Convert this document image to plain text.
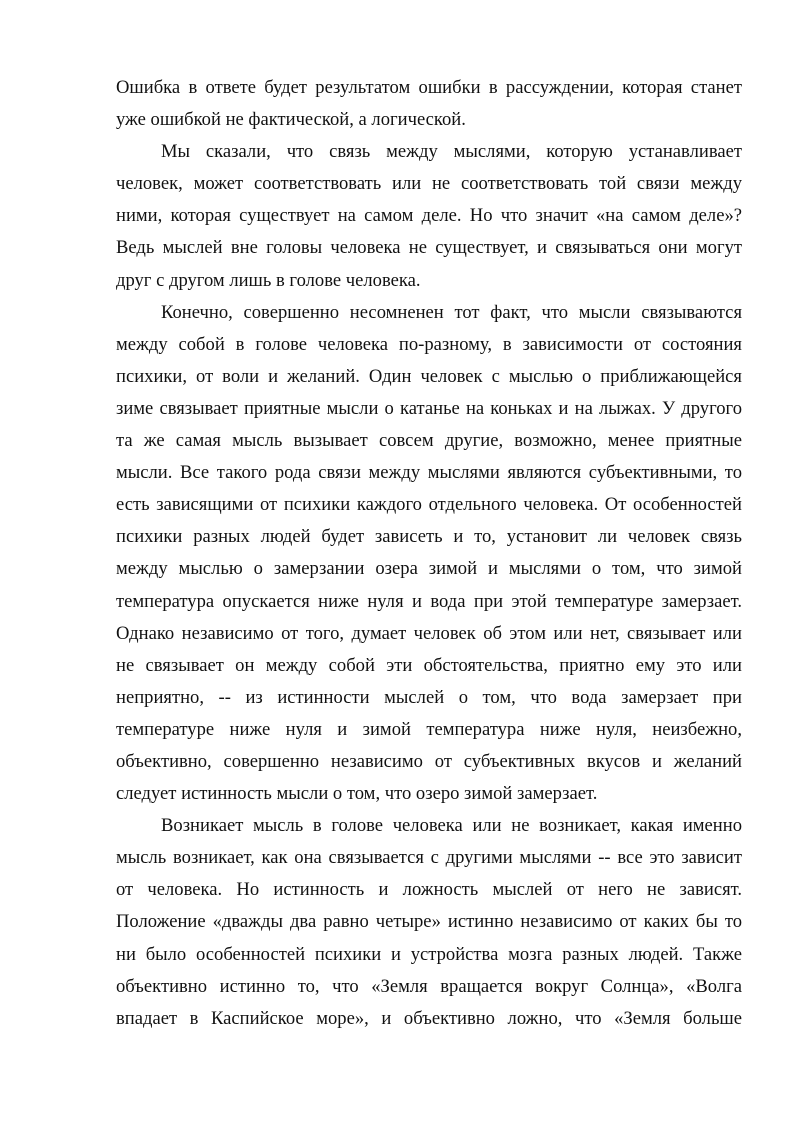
Ошибка в ответе будет результатом ошибки в рассуждении, которая станет
уже ошибкой не фактической, а логической.
Мы сказали, что связь между мыслями, которую устанавливает
человек, может соответствовать или не соответствовать той связи между
ними, которая существует на самом деле. Но что значит «на самом деле»?
Ведь мыслей вне головы человека не существует, и связываться они могут
друг с другом лишь в голове человека.
Конечно, совершенно несомненен тот факт, что мысли связываются
между собой в голове человека по-разному, в зависимости от состояния
психики, от воли и желаний. Один человек с мыслью о приближающейся
зиме связывает приятные мысли о катанье на коньках и на лыжах. У другого
та же самая мысль вызывает совсем другие, возможно, менее приятные
мысли. Все такого рода связи между мыслями являются субъективными, то
есть зависящими от психики каждого отдельного человека. От особенностей
психики разных людей будет зависеть и то, установит ли человек связь
между мыслью о замерзании озера зимой и мыслями о том, что зимой
температура опускается ниже нуля и вода при этой температуре замерзает.
Однако независимо от того, думает человек об этом или нет, связывает или
не связывает он между собой эти обстоятельства, приятно ему это или
неприятно, -- из истинности мыслей о том, что вода замерзает при
температуре ниже нуля и зимой температура ниже нуля, неизбежно,
объективно, совершенно независимо от субъективных вкусов и желаний
следует истинность мысли о том, что озеро зимой замерзает.
Возникает мысль в голове человека или не возникает, какая именно
мысль возникает, как она связывается с другими мыслями -- все это зависит
от человека. Но истинность и ложность мыслей от него не зависят.
Положение «дважды два равно четыре» истинно независимо от каких бы то
ни было особенностей психики и устройства мозга разных людей. Также
объективно истинно то, что «Земля вращается вокруг Солнца», «Волга
впадает в Каспийское море», и объективно ложно, что «Земля больше
